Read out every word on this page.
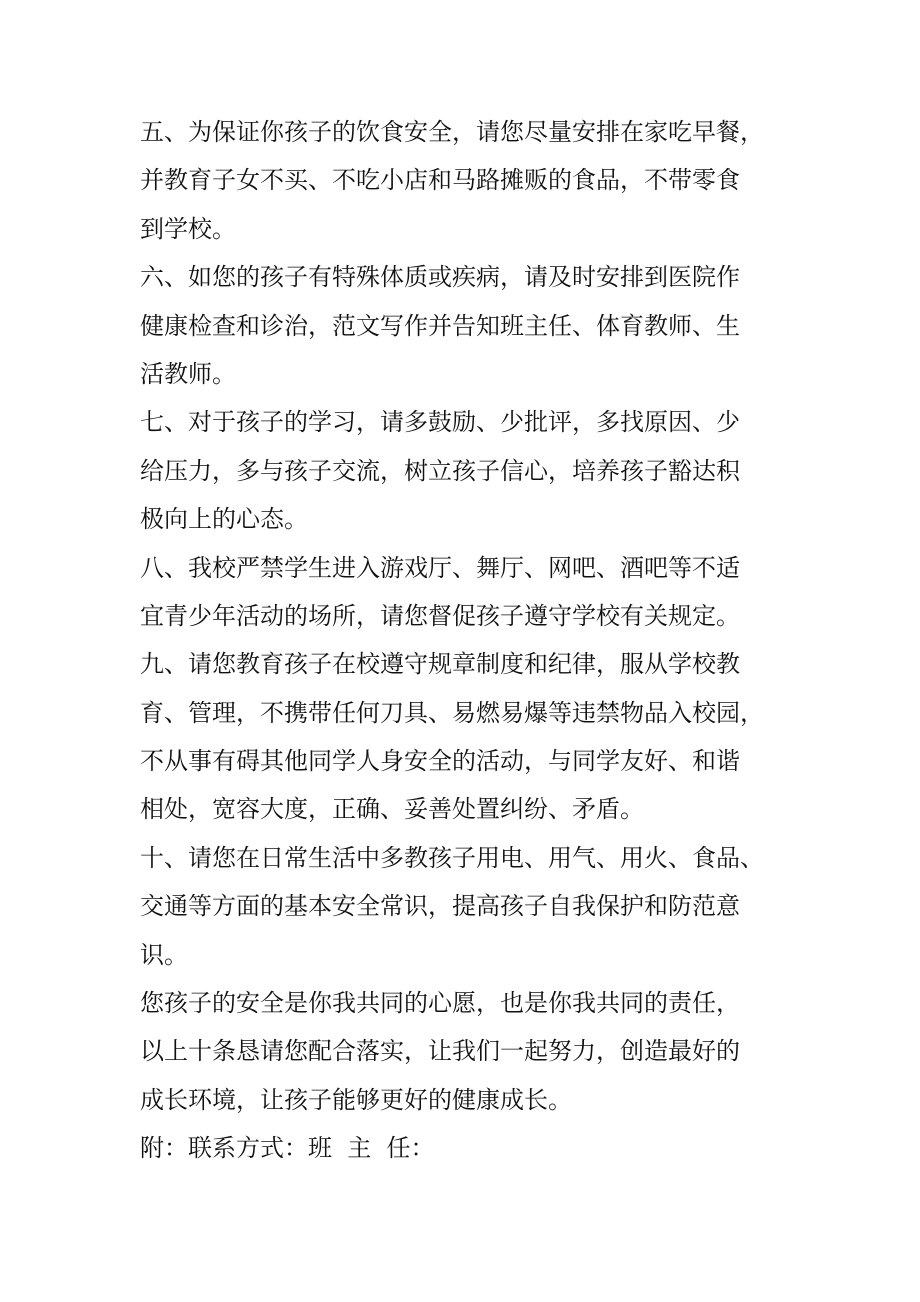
五、为保证你孩子的饮食安全，请您尽量安排在家吃早餐，
并教育子女不买、不吃小店和马路摊贩的食品，不带零食
到学校。
六、如您的孩子有特殊体质或疾病，请及时安排到医院作
健康检查和诊治，范文写作并告知班主任、体育教师、生
活教师。
七、对于孩子的学习，请多鼓励、少批评，多找原因、少
给压力，多与孩子交流，树立孩子信心，培养孩子豁达积
极向上的心态。
八、我校严禁学生进入游戏厅、舞厅、网吧、酒吧等不适
宜青少年活动的场所，请您督促孩子遵守学校有关规定。
九、请您教育孩子在校遵守规章制度和纪律，服从学校教
育、管理，不携带任何刀具、易燃易爆等违禁物品入校园，
不从事有碍其他同学人身安全的活动，与同学友好、和谐
相处，宽容大度，正确、妥善处置纠纷、矛盾。
十、请您在日常生活中多教孩子用电、用气、用火、食品、
交通等方面的基本安全常识，提高孩子自我保护和防范意
识。
您孩子的安全是你我共同的心愿，也是你我共同的责任，
以上十条恳请您配合落实，让我们一起努力，创造最好的
成长环境，让孩子能够更好的健康成长。
附：联系方式：班  主  任：
